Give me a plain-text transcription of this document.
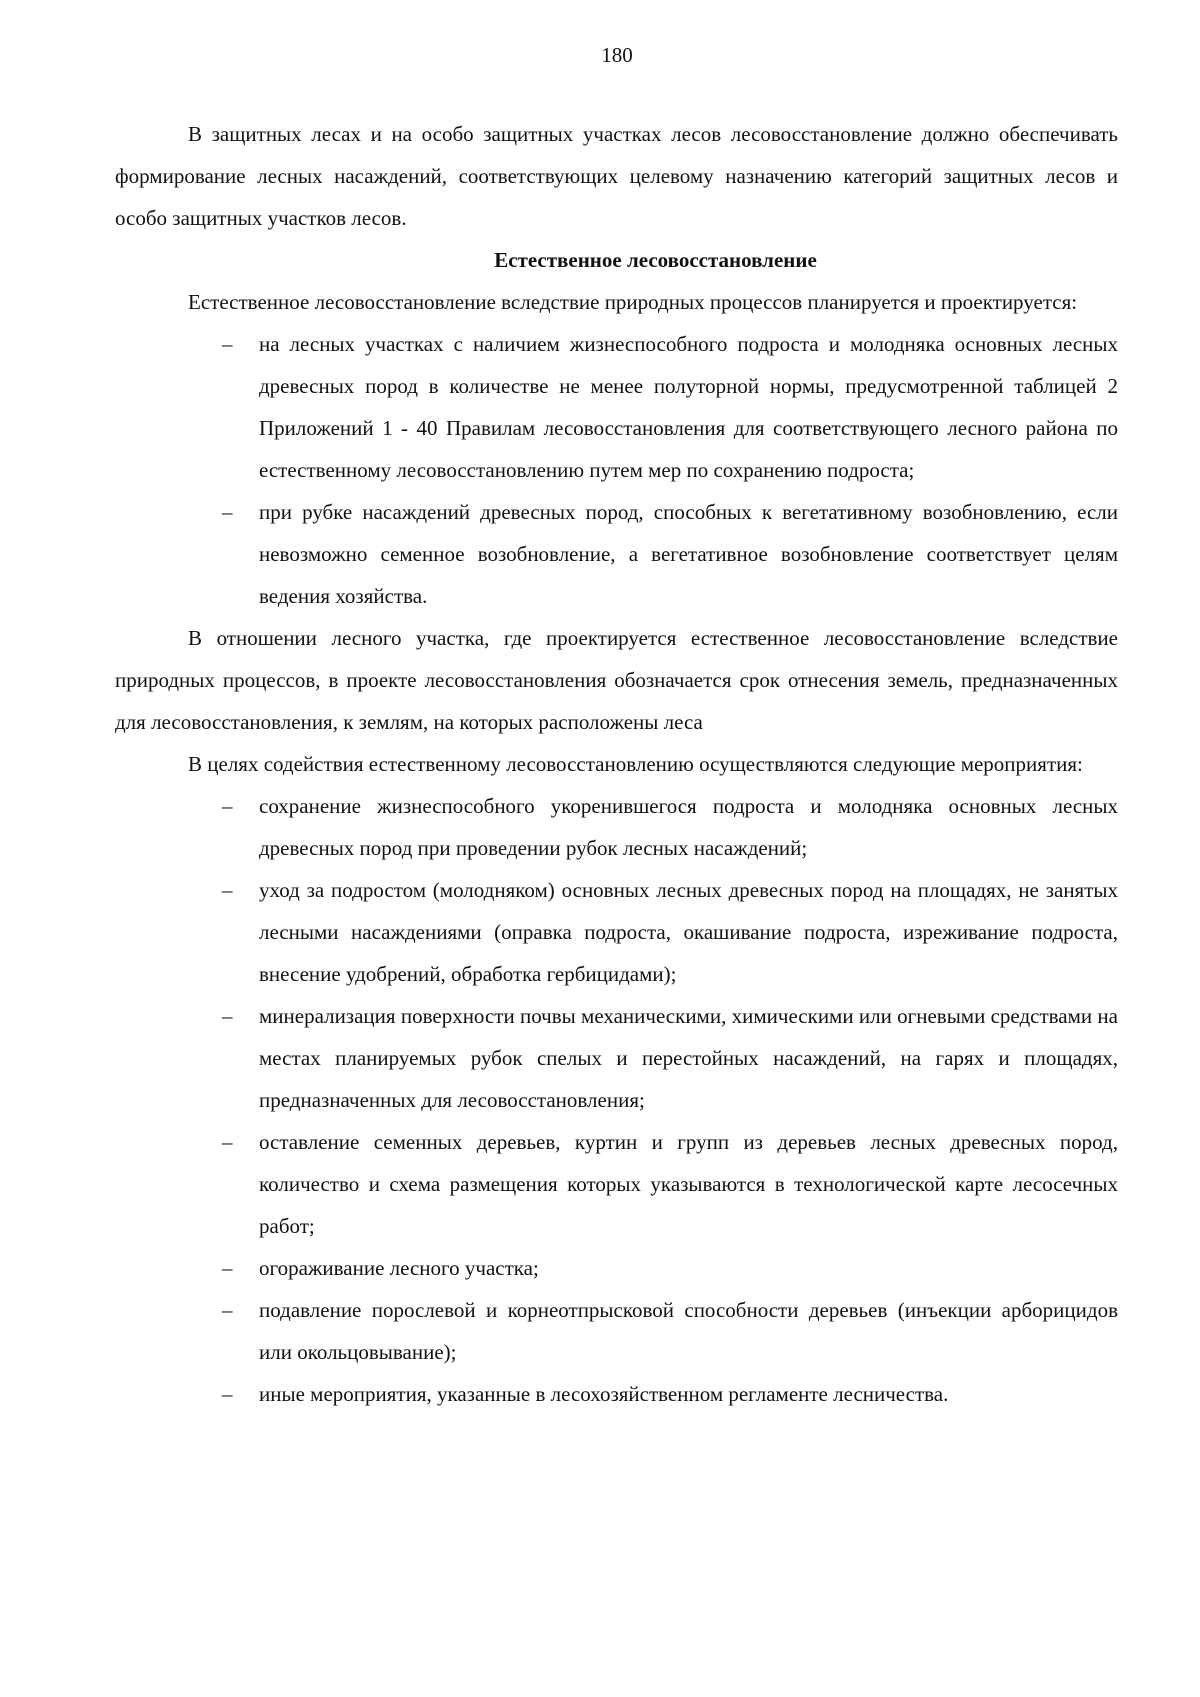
180

В защитных лесах и на особо защитных участках лесов лесовосстановление должно обеспечивать формирование лесных насаждений, соответствующих целевому назначению категорий защитных лесов и особо защитных участков лесов.

Естественное лесовосстановление

Естественное лесовосстановление вследствие природных процессов планируется и проектируется:

– на лесных участках с наличием жизнеспособного подроста и молодняка основных лесных древесных пород в количестве не менее полуторной нормы, предусмотренной таблицей 2 Приложений 1 - 40 Правилам лесовосстановления для соответствующего лесного района по естественному лесовосстановлению путем мер по сохранению подроста;
– при рубке насаждений древесных пород, способных к вегетативному возобновлению, если невозможно семенное возобновление, а вегетативное возобновление соответствует целям ведения хозяйства.

В отношении лесного участка, где проектируется естественное лесовосстановление вследствие природных процессов, в проекте лесовосстановления обозначается срок отнесения земель, предназначенных для лесовосстановления, к землям, на которых расположены леса

В целях содействия естественному лесовосстановлению осуществляются следующие мероприятия:

– сохранение жизнеспособного укоренившегося подроста и молодняка основных лесных древесных пород при проведении рубок лесных насаждений;
– уход за подростом (молодняком) основных лесных древесных пород на площадях, не занятых лесными насаждениями (оправка подроста, окашивание подроста, изреживание подроста, внесение удобрений, обработка гербицидами);
– минерализация поверхности почвы механическими, химическими или огневыми средствами на местах планируемых рубок спелых и перестойных насаждений, на гарях и площадях, предназначенных для лесовосстановления;
– оставление семенных деревьев, куртин и групп из деревьев лесных древесных пород, количество и схема размещения которых указываются в технологической карте лесосечных работ;
– огораживание лесного участка;
– подавление порослевой и корнеотпрысковой способности деревьев (инъекции арборицидов или окольцовывание);
– иные мероприятия, указанные в лесохозяйственном регламенте лесничества.
